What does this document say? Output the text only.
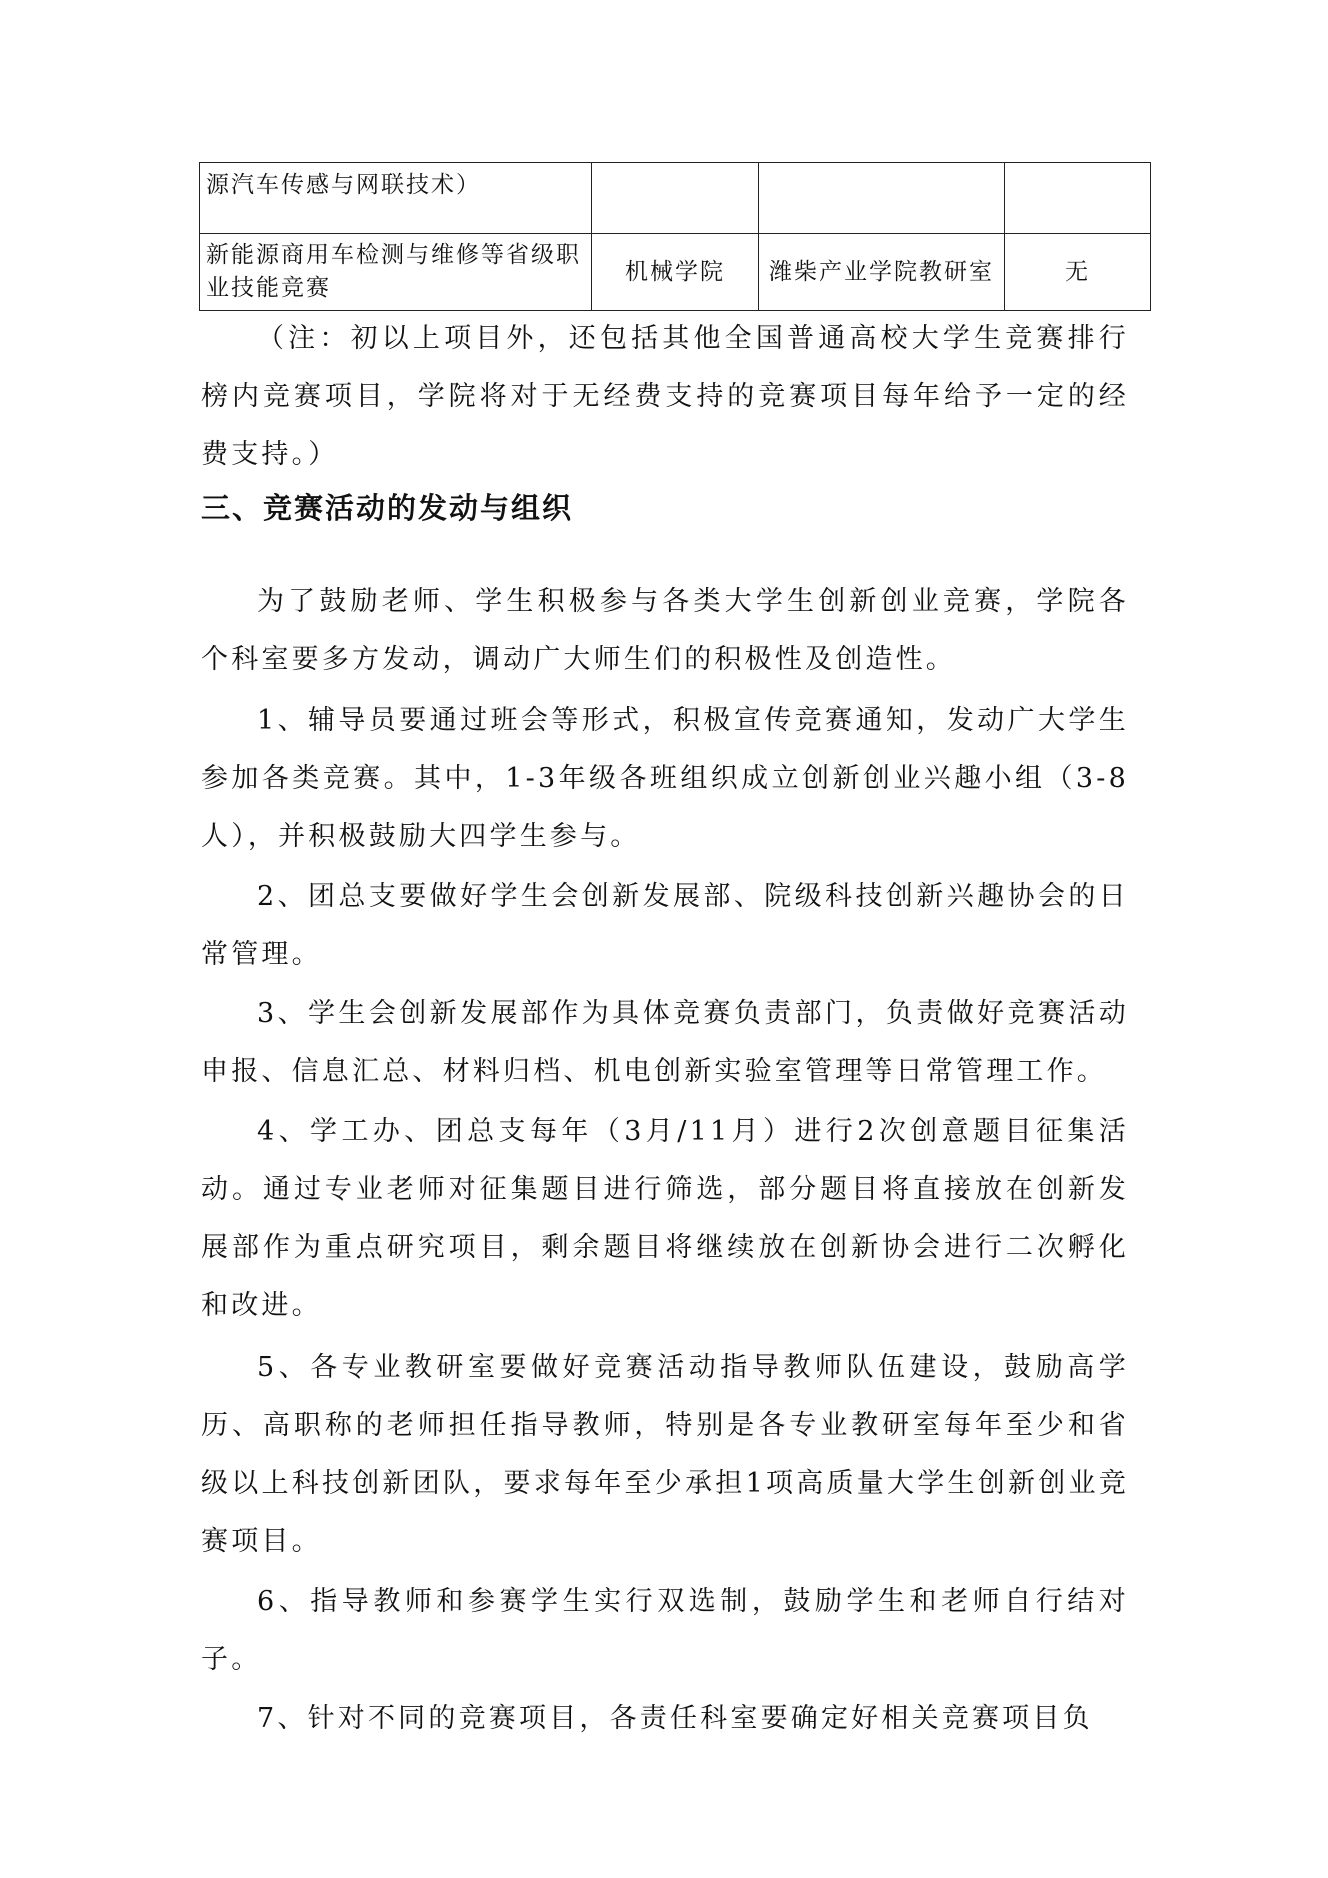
源汽车传感与网联技术）			
新能源商用车检测与维修等省级职业技能竞赛	机械学院	潍柴产业学院教研室	无

（注：初以上项目外，还包括其他全国普通高校大学生竞赛排行榜内竞赛项目，学院将对于无经费支持的竞赛项目每年给予一定的经费支持。）

三、竞赛活动的发动与组织

为了鼓励老师、学生积极参与各类大学生创新创业竞赛，学院各个科室要多方发动，调动广大师生们的积极性及创造性。

1、辅导员要通过班会等形式，积极宣传竞赛通知，发动广大学生参加各类竞赛。其中，1-3年级各班组织成立创新创业兴趣小组（3-8人），并积极鼓励大四学生参与。

2、团总支要做好学生会创新发展部、院级科技创新兴趣协会的日常管理。

3、学生会创新发展部作为具体竞赛负责部门，负责做好竞赛活动申报、信息汇总、材料归档、机电创新实验室管理等日常管理工作。

4、学工办、团总支每年（3月/11月）进行2次创意题目征集活动。通过专业老师对征集题目进行筛选，部分题目将直接放在创新发展部作为重点研究项目，剩余题目将继续放在创新协会进行二次孵化和改进。

5、各专业教研室要做好竞赛活动指导教师队伍建设，鼓励高学历、高职称的老师担任指导教师，特别是各专业教研室每年至少和省级以上科技创新团队，要求每年至少承担1项高质量大学生创新创业竞赛项目。

6、指导教师和参赛学生实行双选制，鼓励学生和老师自行结对子。

7、针对不同的竞赛项目，各责任科室要确定好相关竞赛项目负
